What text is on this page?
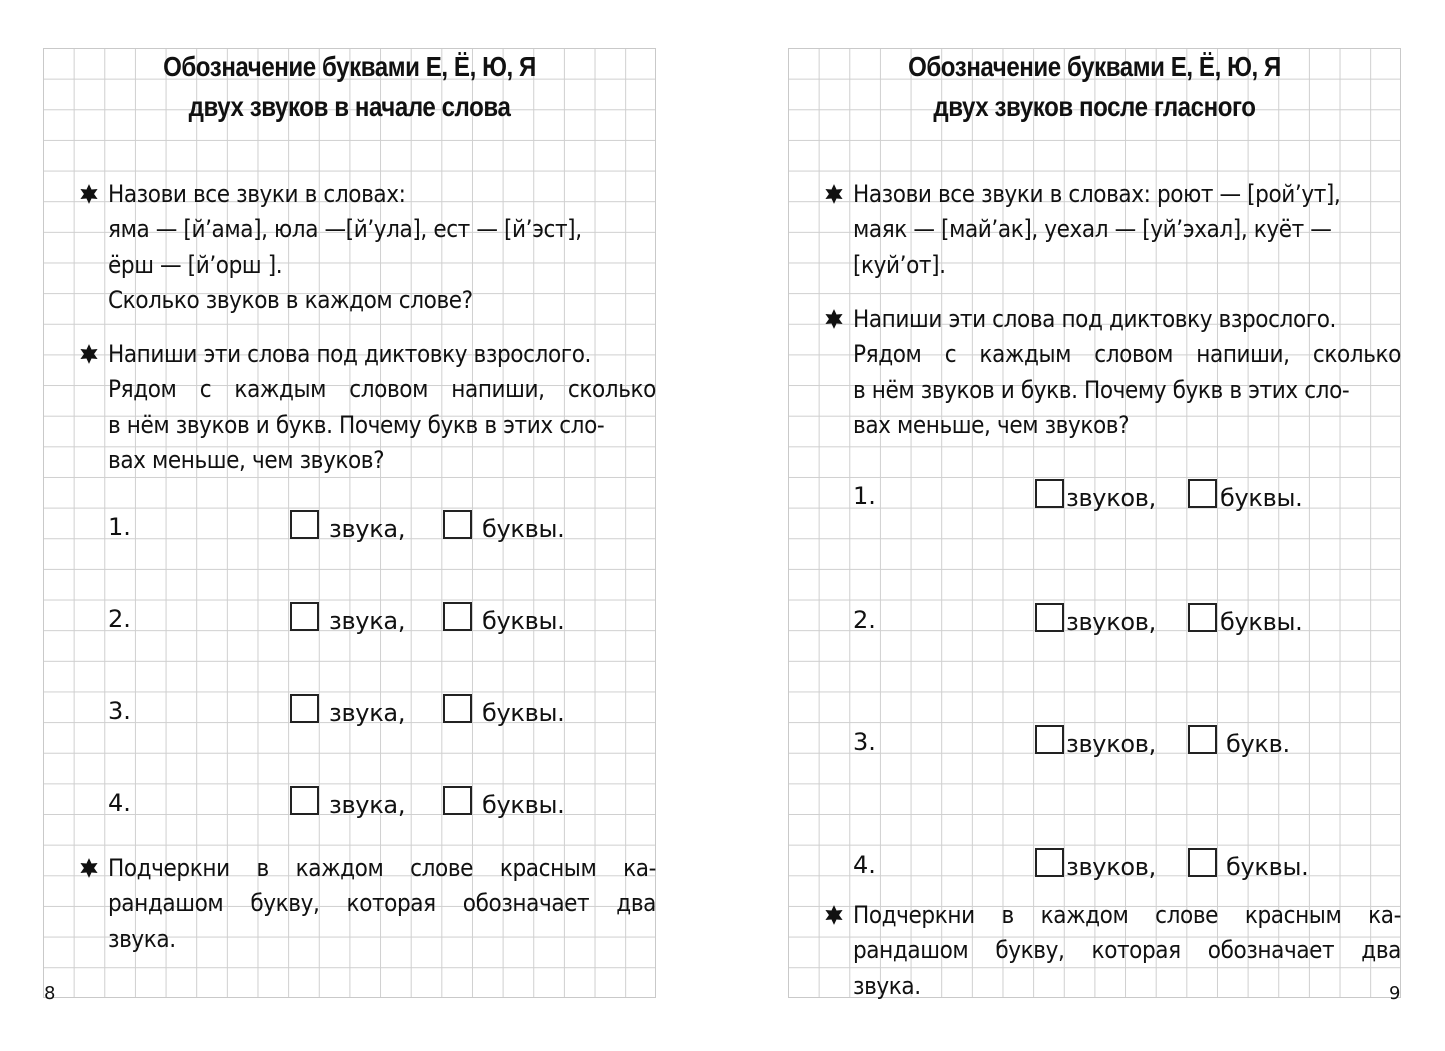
Обозначение буквами Е, Ё, Ю, Я
двух звуков в начале слова
Назови все звуки в словах:
яма — [й’ама], юла —[й’ула], ест — [й’эст],
ёрш — [й’орш ].
Сколько звуков в каждом слове?
Напиши эти слова под диктовку взрослого.
Рядом с каждым словом напиши, сколько
в нём звуков и букв. Почему букв в этих сло-
вах меньше, чем звуков?
1.	звука,	буквы.
2.	звука,	буквы.
3.	звука,	буквы.
4.	звука,	буквы.
Подчеркни в каждом слове красным ка-
рандашом букву, которая обозначает два
звука.
8
Обозначение буквами Е, Ё, Ю, Я
двух звуков после гласного
Назови все звуки в словах: роют — [рой’ут],
маяк — [май’ак], уехал — [уй’эхал], куёт —
[куй’от].
Напиши эти слова под диктовку взрослого.
Рядом с каждым словом напиши, сколько
в нём звуков и букв. Почему букв в этих сло-
вах меньше, чем звуков?
1.	звуков,	буквы.
2.	звуков,	буквы.
3.	звуков,	букв.
4.	звуков,	буквы.
Подчеркни в каждом слове красным ка-
рандашом букву, которая обозначает два
звука.	9
